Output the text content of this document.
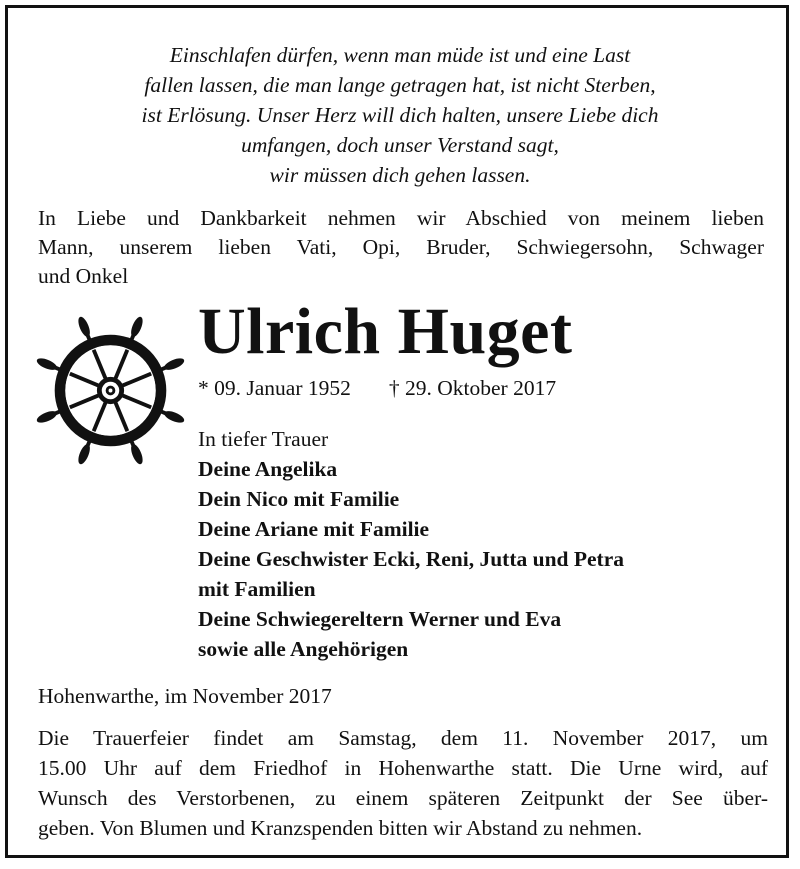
Einschlafen dürfen, wenn man müde ist und eine Last
fallen lassen, die man lange getragen hat, ist nicht Sterben,
ist Erlösung. Unser Herz will dich halten, unsere Liebe dich
umfangen, doch unser Verstand sagt,
wir müssen dich gehen lassen.
In Liebe und Dankbarkeit nehmen wir Abschied von meinem lieben
Mann, unserem lieben Vati, Opi, Bruder, Schwiegersohn, Schwager
und Onkel
Ulrich Huget
* 09. Januar 1952 † 29. Oktober 2017
In tiefer Trauer
Deine Angelika
Dein Nico mit Familie
Deine Ariane mit Familie
Deine Geschwister Ecki, Reni, Jutta und Petra
mit Familien
Deine Schwiegereltern Werner und Eva
sowie alle Angehörigen
Hohenwarthe, im November 2017
Die Trauerfeier findet am Samstag, dem 11. November 2017, um
15.00 Uhr auf dem Friedhof in Hohenwarthe statt. Die Urne wird, auf
Wunsch des Verstorbenen, zu einem späteren Zeitpunkt der See über-
geben. Von Blumen und Kranzspenden bitten wir Abstand zu nehmen.
